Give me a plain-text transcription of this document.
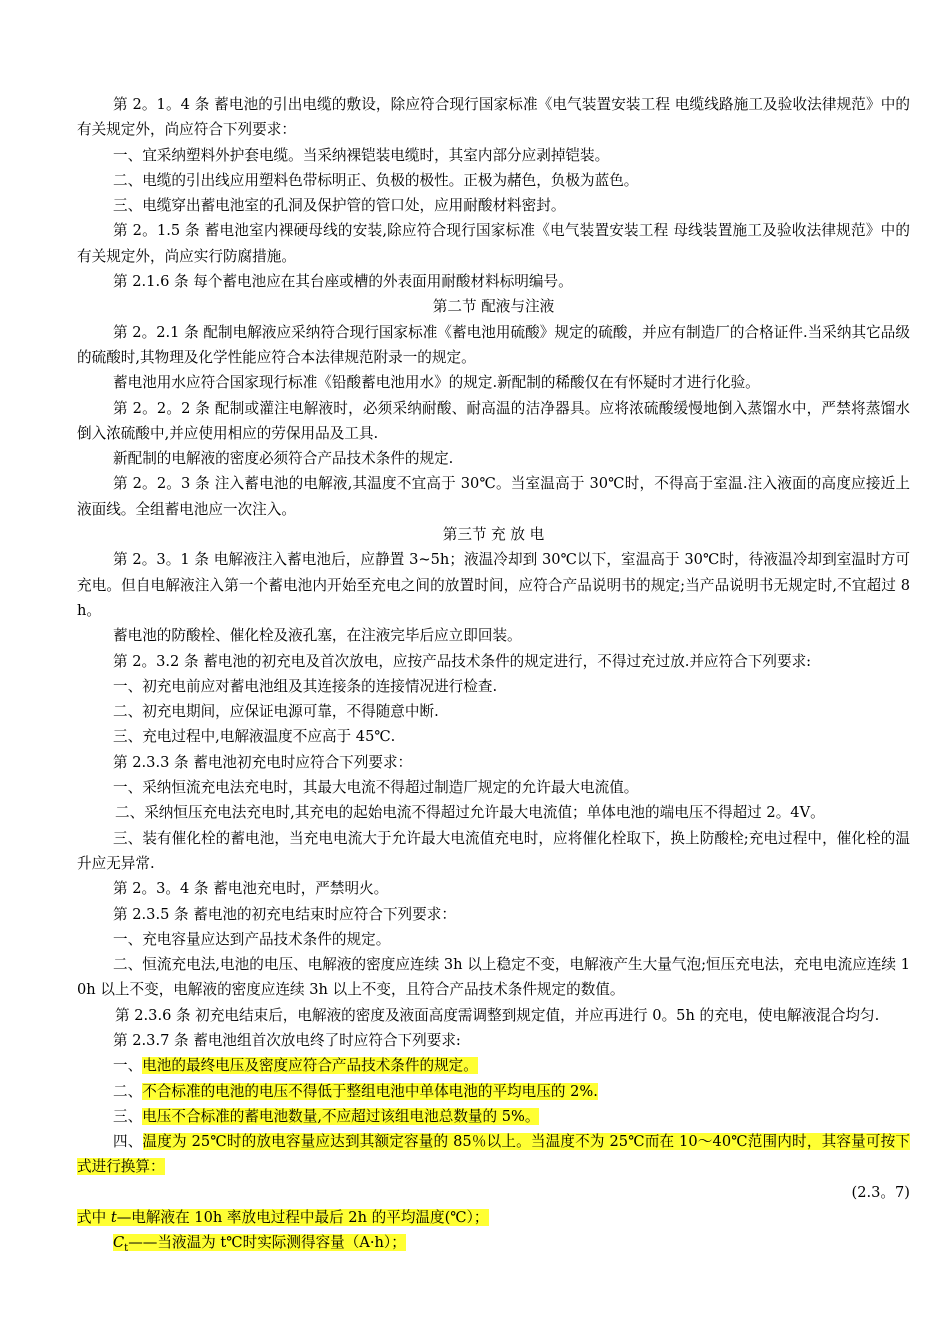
第 2。1。4 条 蓄电池的引出电缆的敷设，除应符合现行国家标准《电气装置安装工程 电缆线路施工及验收法律规范》中的有关规定外，尚应符合下列要求：

一、宜采纳塑料外护套电缆。当采纳裸铠装电缆时，其室内部分应剥掉铠装。

二、电缆的引出线应用塑料色带标明正、负极的极性。正极为赭色，负极为蓝色。

三、电缆穿出蓄电池室的孔洞及保护管的管口处，应用耐酸材料密封。

第 2。1.5 条 蓄电池室内裸硬母线的安装,除应符合现行国家标准《电气装置安装工程 母线装置施工及验收法律规范》中的有关规定外，尚应实行防腐措施。

第 2.1.6 条 每个蓄电池应在其台座或槽的外表面用耐酸材料标明编号。

第二节 配液与注液

第 2。2.1 条 配制电解液应采纳符合现行国家标准《蓄电池用硫酸》规定的硫酸，并应有制造厂的合格证件.当采纳其它品级的硫酸时,其物理及化学性能应符合本法律规范附录一的规定。

蓄电池用水应符合国家现行标准《铅酸蓄电池用水》的规定.新配制的稀酸仅在有怀疑时才进行化验。

第 2。2。2 条 配制或灌注电解液时，必须采纳耐酸、耐高温的洁净器具。应将浓硫酸缓慢地倒入蒸馏水中，严禁将蒸馏水倒入浓硫酸中,并应使用相应的劳保用品及工具.

新配制的电解液的密度必须符合产品技术条件的规定.

第 2。2。3 条 注入蓄电池的电解液,其温度不宜高于 30℃。当室温高于 30℃时，不得高于室温.注入液面的高度应接近上液面线。全组蓄电池应一次注入。

第三节 充 放 电

第 2。3。1 条 电解液注入蓄电池后，应静置 3~5h；液温冷却到 30℃以下，室温高于 30℃时，待液温冷却到室温时方可充电。但自电解液注入第一个蓄电池内开始至充电之间的放置时间，应符合产品说明书的规定;当产品说明书无规定时,不宜超过 8h。

蓄电池的防酸栓、催化栓及液孔塞，在注液完毕后应立即回装。

第 2。3.2 条 蓄电池的初充电及首次放电，应按产品技术条件的规定进行，不得过充过放.并应符合下列要求:

一、初充电前应对蓄电池组及其连接条的连接情况进行检查.

二、初充电期间，应保证电源可靠，不得随意中断.

三、充电过程中,电解液温度不应高于 45℃.

第 2.3.3 条 蓄电池初充电时应符合下列要求：

一、采纳恒流充电法充电时，其最大电流不得超过制造厂规定的允许最大电流值。

二、采纳恒压充电法充电时,其充电的起始电流不得超过允许最大电流值；单体电池的端电压不得超过 2。4V。

三、装有催化栓的蓄电池，当充电电流大于允许最大电流值充电时，应将催化栓取下，换上防酸栓;充电过程中，催化栓的温升应无异常.

第 2。3。4 条 蓄电池充电时，严禁明火。

第 2.3.5 条 蓄电池的初充电结束时应符合下列要求：

一、充电容量应达到产品技术条件的规定。

二、恒流充电法,电池的电压、电解液的密度应连续 3h 以上稳定不变，电解液产生大量气泡;恒压充电法，充电电流应连续 10h 以上不变，电解液的密度应连续 3h 以上不变，且符合产品技术条件规定的数值。

第 2.3.6 条 初充电结束后，电解液的密度及液面高度需调整到规定值，并应再进行 0。5h 的充电，使电解液混合均匀.

第 2.3.7 条 蓄电池组首次放电终了时应符合下列要求:

一、电池的最终电压及密度应符合产品技术条件的规定。

二、不合标准的电池的电压不得低于整组电池中单体电池的平均电压的 2%.

三、电压不合标准的蓄电池数量,不应超过该组电池总数量的 5%。

四、温度为 25℃时的放电容量应达到其额定容量的 85％以上。当温度不为 25℃而在 10～40℃范围内时，其容量可按下式进行换算：

(2.3。7)

式中 t—电解液在 10h 率放电过程中最后 2h 的平均温度(℃）；

$C_t——$当液温为 t℃时实际测得容量（A·h）；
